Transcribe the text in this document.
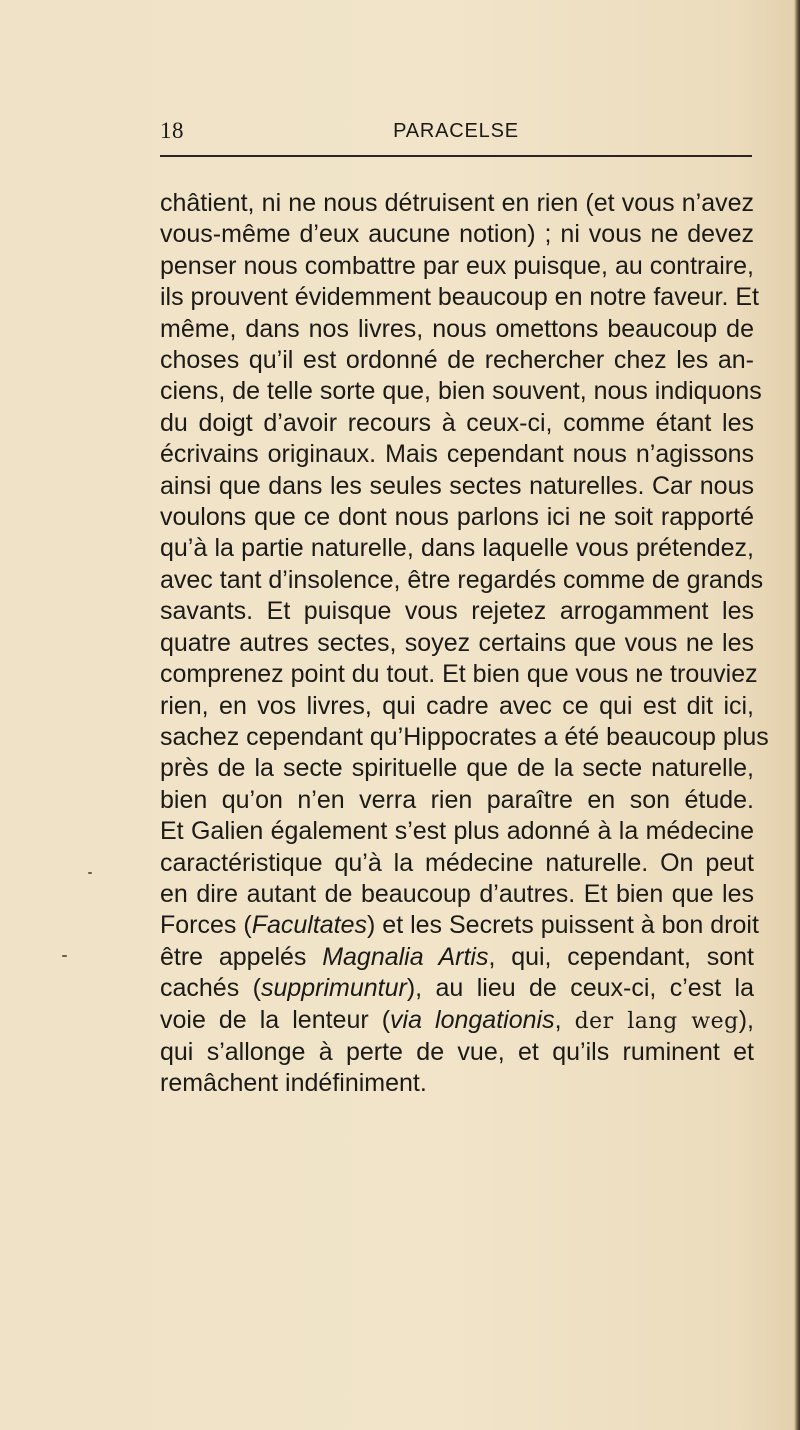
18	PARACELSE
châtient, ni ne nous détruisent en rien (et vous n’avez
vous-même d’eux aucune notion) ; ni vous ne devez
penser nous combattre par eux puisque, au contraire,
ils prouvent évidemment beaucoup en notre faveur. Et
même, dans nos livres, nous omettons beaucoup de
choses qu’il est ordonné de rechercher chez les an-
ciens, de telle sorte que, bien souvent, nous indiquons
du doigt d’avoir recours à ceux-ci, comme étant les
écrivains originaux. Mais cependant nous n’agissons
ainsi que dans les seules sectes naturelles. Car nous
voulons que ce dont nous parlons ici ne soit rapporté
qu’à la partie naturelle, dans laquelle vous prétendez,
avec tant d’insolence, être regardés comme de grands
savants. Et puisque vous rejetez arrogamment les
quatre autres sectes, soyez certains que vous ne les
comprenez point du tout. Et bien que vous ne trouviez
rien, en vos livres, qui cadre avec ce qui est dit ici,
sachez cependant qu’Hippocrates a été beaucoup plus
près de la secte spirituelle que de la secte naturelle,
bien qu’on n’en verra rien paraître en son étude.
Et Galien également s’est plus adonné à la médecine
caractéristique qu’à la médecine naturelle. On peut
en dire autant de beaucoup d’autres. Et bien que les
Forces (Facultates) et les Secrets puissent à bon droit
être appelés Magnalia Artis, qui, cependant, sont
cachés (supprimuntur), au lieu de ceux-ci, c’est la
voie de la lenteur (via longationis, der lang weg),
qui s’allonge à perte de vue, et qu’ils ruminent et
remâchent indéfiniment.
